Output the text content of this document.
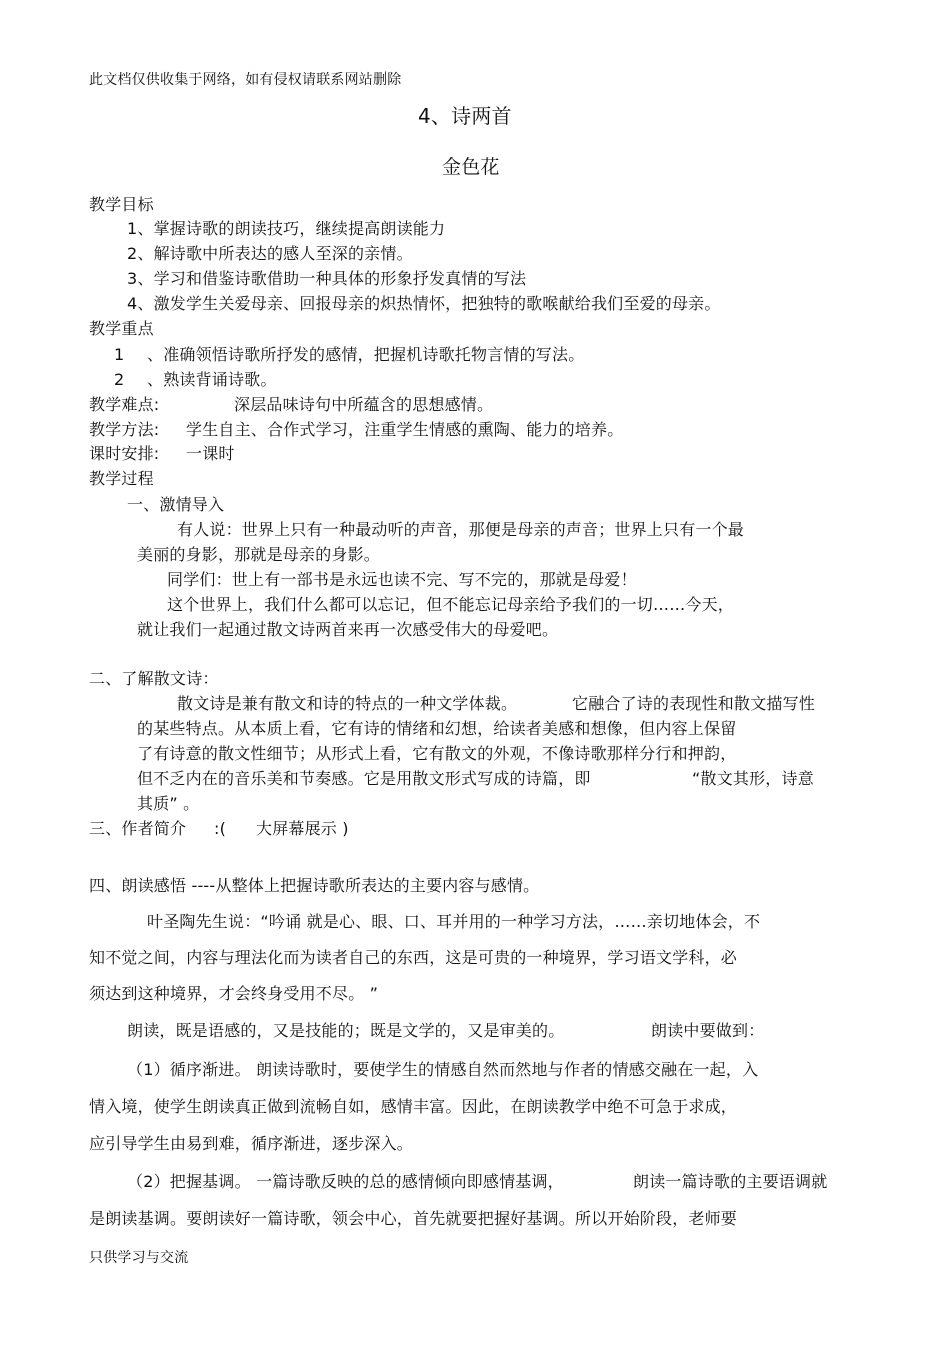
此文档仅供收集于网络，如有侵权请联系网站删除
4、诗两首
金色花
教学目标
1、掌握诗歌的朗读技巧，继续提高朗读能力
2、解诗歌中所表达的感人至深的亲情。
3、学习和借鉴诗歌借助一种具体的形象抒发真情的写法
4、激发学生关爱母亲、回报母亲的炽热情怀，把独特的歌喉献给我们至爱的母亲。
教学重点
1 、准确领悟诗歌所抒发的感情，把握机诗歌托物言情的写法。
2 、熟读背诵诗歌。
教学难点:	深层品味诗句中所蕴含的思想感情。
教学方法: 学生自主、合作式学习，注重学生情感的熏陶、能力的培养。
课时安排: 一课时
教学过程
一、激情导入
有人说：世界上只有一种最动听的声音，那便是母亲的声音；世界上只有一个最
美丽的身影，那就是母亲的身影。
同学们：世上有一部书是永远也读不完、写不完的，那就是母爱！
这个世界上，我们什么都可以忘记，但不能忘记母亲给予我们的一切……今天，
就让我们一起通过散文诗两首来再一次感受伟大的母爱吧。
二、了解散文诗：
散文诗是兼有散文和诗的特点的一种文学体裁。	它融合了诗的表现性和散文描写性
的某些特点。从本质上看，它有诗的情绪和幻想，给读者美感和想像，但内容上保留
了有诗意的散文性细节；从形式上看，它有散文的外观，不像诗歌那样分行和押韵，
但不乏内在的音乐美和节奏感。它是用散文形式写成的诗篇，即	“散文其形，诗意
其质” 。
三、作者简介 :( 大屏幕展示 )
四、朗读感悟 ----从整体上把握诗歌所表达的主要内容与感情。
叶圣陶先生说：“吟诵 就是心、眼、口、耳并用的一种学习方法，……亲切地体会，不
知不觉之间，内容与理法化而为读者自己的东西，这是可贵的一种境界，学习语文学科，必
须达到这种境界，才会终身受用不尽。 ”
朗读，既是语感的，又是技能的；既是文学的，又是审美的。	朗读中要做到：
（1）循序渐进。 朗读诗歌时，要使学生的情感自然而然地与作者的情感交融在一起，入
情入境，使学生朗读真正做到流畅自如，感情丰富。因此，在朗读教学中绝不可急于求成，
应引导学生由易到难，循序渐进，逐步深入。
（2）把握基调。 一篇诗歌反映的总的感情倾向即感情基调，	朗读一篇诗歌的主要语调就
是朗读基调。要朗读好一篇诗歌，领会中心，首先就要把握好基调。所以开始阶段，老师要
只供学习与交流
